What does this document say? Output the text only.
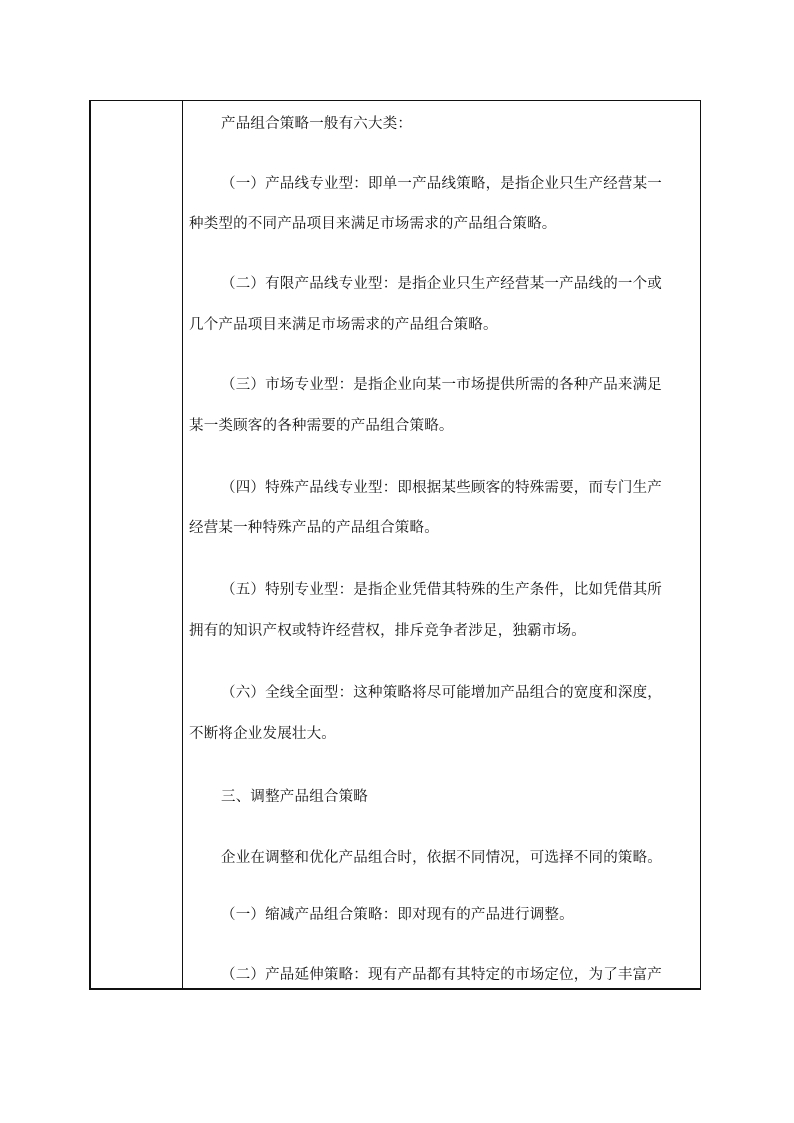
产品组合策略一般有六大类：
（一）产品线专业型：即单一产品线策略，是指企业只生产经营某一
种类型的不同产品项目来满足市场需求的产品组合策略。
（二）有限产品线专业型：是指企业只生产经营某一产品线的一个或
几个产品项目来满足市场需求的产品组合策略。
（三）市场专业型：是指企业向某一市场提供所需的各种产品来满足
某一类顾客的各种需要的产品组合策略。
（四）特殊产品线专业型：即根据某些顾客的特殊需要，而专门生产
经营某一种特殊产品的产品组合策略。
（五）特别专业型：是指企业凭借其特殊的生产条件，比如凭借其所
拥有的知识产权或特许经营权，排斥竞争者涉足，独霸市场。
（六）全线全面型：这种策略将尽可能增加产品组合的宽度和深度，
不断将企业发展壮大。
三、调整产品组合策略
企业在调整和优化产品组合时，依据不同情况，可选择不同的策略。
（一）缩减产品组合策略：即对现有的产品进行调整。
（二）产品延伸策略：现有产品都有其特定的市场定位，为了丰富产
